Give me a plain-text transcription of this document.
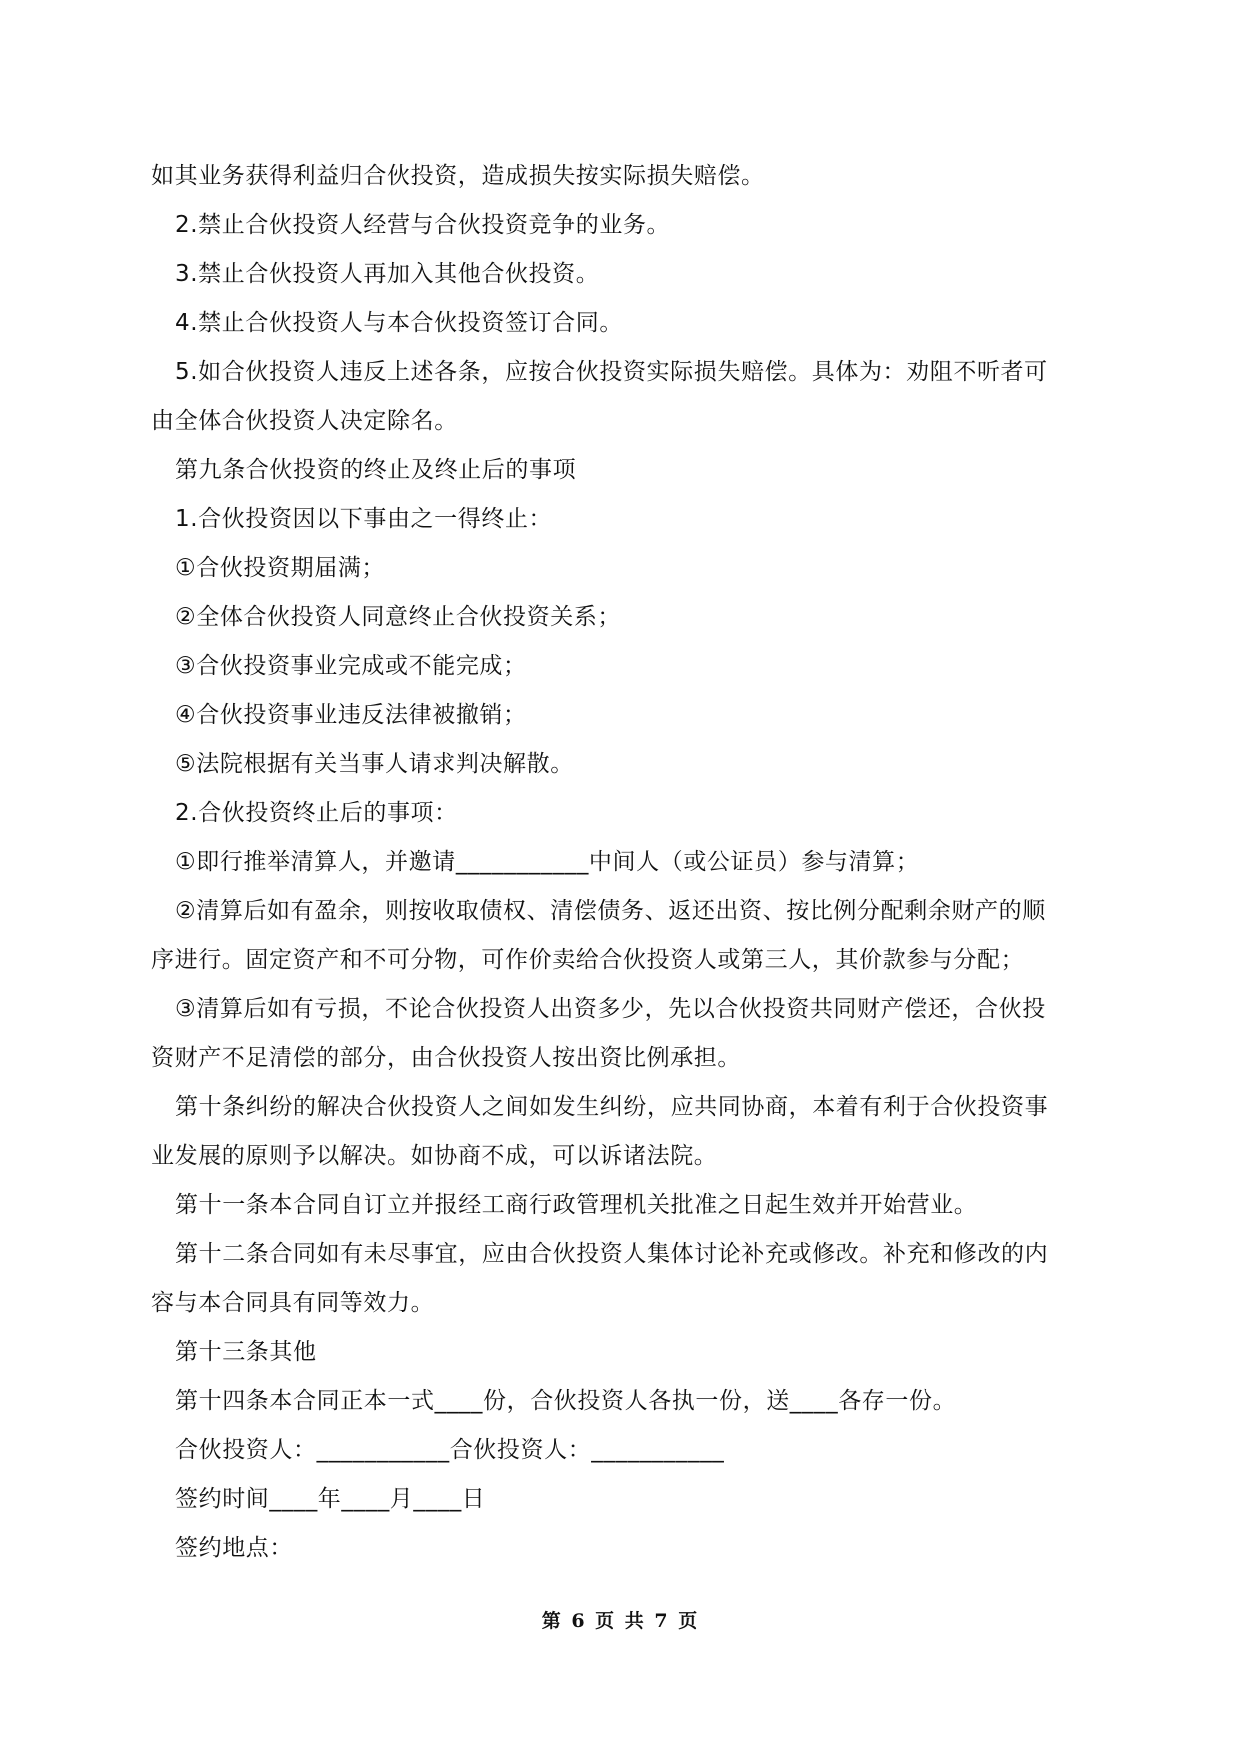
如其业务获得利益归合伙投资，造成损失按实际损失赔偿。
2.禁止合伙投资人经营与合伙投资竞争的业务。
3.禁止合伙投资人再加入其他合伙投资。
4.禁止合伙投资人与本合伙投资签订合同。
5.如合伙投资人违反上述各条，应按合伙投资实际损失赔偿。具体为：劝阻不听者可
由全体合伙投资人决定除名。
第九条合伙投资的终止及终止后的事项
1.合伙投资因以下事由之一得终止：
①合伙投资期届满；
②全体合伙投资人同意终止合伙投资关系；
③合伙投资事业完成或不能完成；
④合伙投资事业违反法律被撤销；
⑤法院根据有关当事人请求判决解散。
2.合伙投资终止后的事项：
①即行推举清算人，并邀请___________中间人（或公证员）参与清算；
②清算后如有盈余，则按收取债权、清偿债务、返还出资、按比例分配剩余财产的顺
序进行。固定资产和不可分物，可作价卖给合伙投资人或第三人，其价款参与分配；
③清算后如有亏损，不论合伙投资人出资多少，先以合伙投资共同财产偿还，合伙投
资财产不足清偿的部分，由合伙投资人按出资比例承担。
第十条纠纷的解决合伙投资人之间如发生纠纷，应共同协商，本着有利于合伙投资事
业发展的原则予以解决。如协商不成，可以诉诸法院。
第十一条本合同自订立并报经工商行政管理机关批准之日起生效并开始营业。
第十二条合同如有未尽事宜，应由合伙投资人集体讨论补充或修改。补充和修改的内
容与本合同具有同等效力。
第十三条其他
第十四条本合同正本一式____份，合伙投资人各执一份，送____各存一份。
合伙投资人：___________合伙投资人：___________
签约时间____年____月____日
签约地点：
第 6 页 共 7 页
